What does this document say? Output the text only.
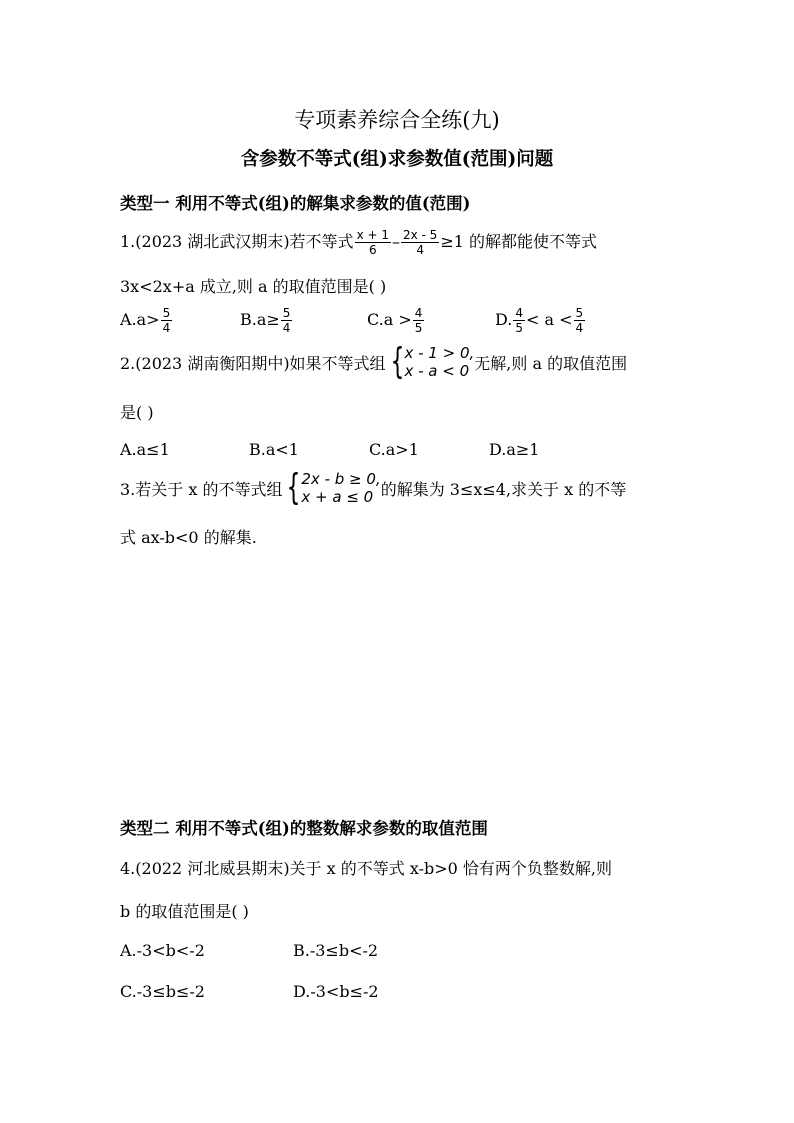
专项素养综合全练(九)
含参数不等式(组)求参数值(范围)问题
类型一 利用不等式(组)的解集求参数的值(范围)
1.(2023 湖北武汉期末)若不等式 $\frac{x + 1}{6} - \frac{2x - 5}{4} \ge 1$ 的解都能使不等式
3x<2x+a 成立,则 a 的取值范围是( )
$A.a> \frac{5}{4}$	$B.a\ge \frac{5}{4}$	$C.a > \frac{4}{5}$	D. $\frac{4}{5} < a < \frac{5}{4}$
2.(2023 湖南衡阳期中)如果不等式组 { x - 1 > 0,
x - a < 0 无解,则 a 的取值范围
是( )
A.a≤1	B.a<1	C.a>1	D.a≥1
3.若关于 x 的不等式组 { 2x - b ≥ 0,
x + a ≤ 0 的解集为 3≤x≤4,求关于 x 的不等
式 ax-b<0 的解集.
类型二 利用不等式(组)的整数解求参数的取值范围
4.(2022 河北威县期末)关于 x 的不等式 x-b>0 恰有两个负整数解,则
b 的取值范围是( )
A.-3<b<-2	B.-3≤b<-2
C.-3≤b≤-2	D.-3<b≤-2
